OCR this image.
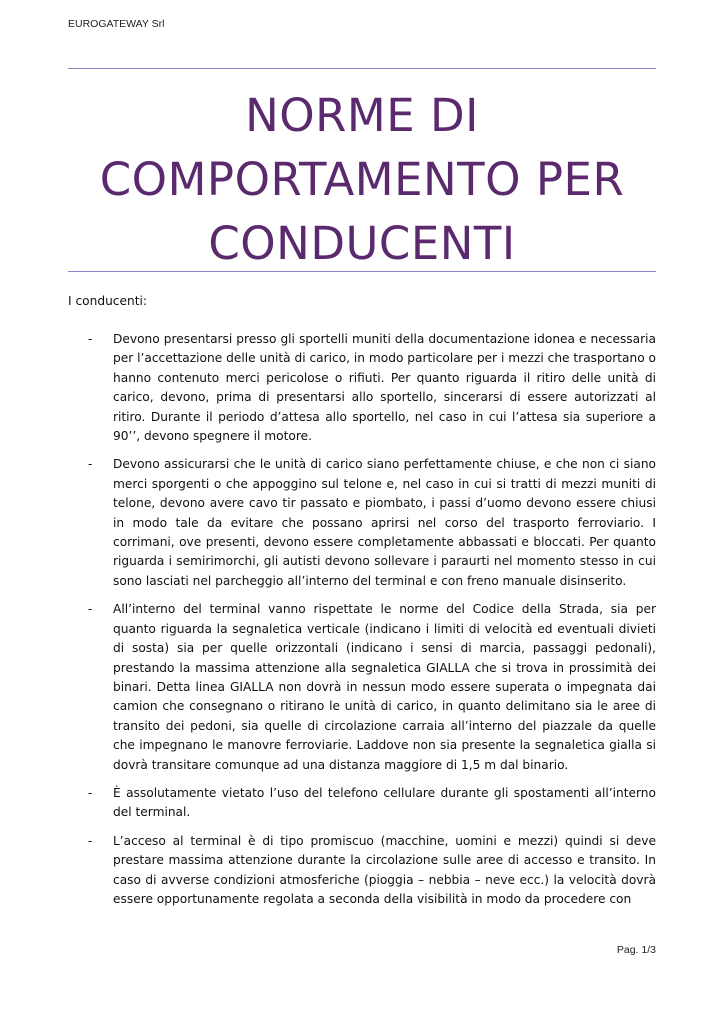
EUROGATEWAY Srl
NORME DI
COMPORTAMENTO PER
CONDUCENTI

I conducenti:

- Devono presentarsi presso gli sportelli muniti della documentazione idonea e necessaria per l’accettazione delle unità di carico, in modo particolare per i mezzi che trasportano o hanno contenuto merci pericolose o rifiuti. Per quanto riguarda il ritiro delle unità di carico, devono, prima di presentarsi allo sportello, sincerarsi di essere autorizzati al ritiro. Durante il periodo d’attesa allo sportello, nel caso in cui l’attesa sia superiore a 90’’, devono spegnere il motore.
- Devono assicurarsi che le unità di carico siano perfettamente chiuse, e che non ci siano merci sporgenti o che appoggino sul telone e, nel caso in cui si tratti di mezzi muniti di telone, devono avere cavo tir passato e piombato, i passi d’uomo devono essere chiusi in modo tale da evitare che possano aprirsi nel corso del trasporto ferroviario. I corrimani, ove presenti, devono essere completamente abbassati e bloccati. Per quanto riguarda i semirimorchi, gli autisti devono sollevare i paraurti nel momento stesso in cui sono lasciati nel parcheggio all’interno del terminal e con freno manuale disinserito.
- All’interno del terminal vanno rispettate le norme del Codice della Strada, sia per quanto riguarda la segnaletica verticale (indicano i limiti di velocità ed eventuali divieti di sosta) sia per quelle orizzontali (indicano i sensi di marcia, passaggi pedonali), prestando la massima attenzione alla segnaletica GIALLA che si trova in prossimità dei binari. Detta linea GIALLA non dovrà in nessun modo essere superata o impegnata dai camion che consegnano o ritirano le unità di carico, in quanto delimitano sia le aree di transito dei pedoni, sia quelle di circolazione carraia all’interno del piazzale da quelle che impegnano le manovre ferroviarie. Laddove non sia presente la segnaletica gialla si dovrà transitare comunque ad una distanza maggiore di 1,5 m dal binario.
- È assolutamente vietato l’uso del telefono cellulare durante gli spostamenti all’interno del terminal.
- L’acceso al terminal è di tipo promiscuo (macchine, uomini e mezzi) quindi si deve prestare massima attenzione durante la circolazione sulle aree di accesso e transito. In caso di avverse condizioni atmosferiche (pioggia – nebbia – neve ecc.) la velocità dovrà essere opportunamente regolata a seconda della visibilità in modo da procedere con
Pag. 1/3
